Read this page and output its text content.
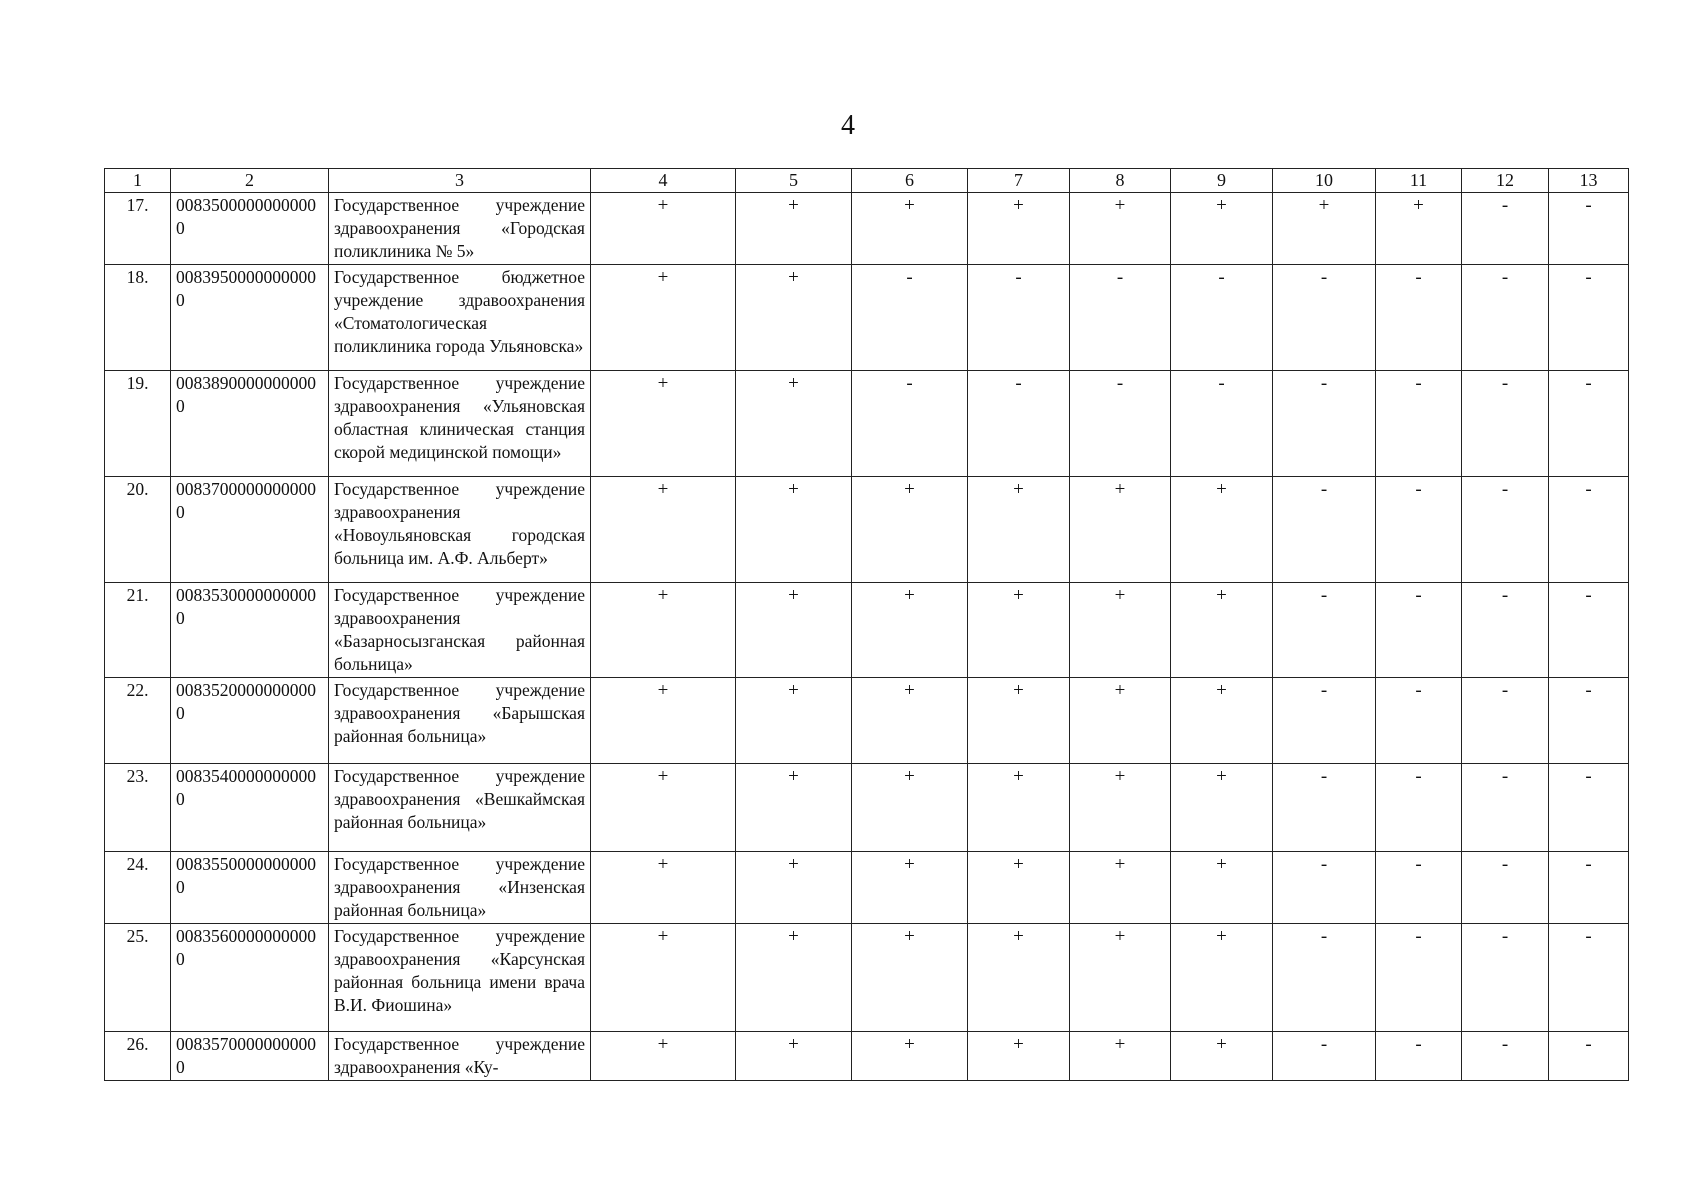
4
1	2	3	4	5	6	7	8	9	10	11	12	13
17.	00835000000000000	Государственное учреждение здравоохранения «Городская поликлиника № 5»	+	+	+	+	+	+	+	+	-	-
18.	00839500000000000	Государственное бюджетное учреждение здравоохранения «Стоматологическая поликлиника города Ульяновска»	+	+	-	-	-	-	-	-	-	-
19.	00838900000000000	Государственное учреждение здравоохранения «Ульяновская областная клиническая станция скорой медицинской помощи»	+	+	-	-	-	-	-	-	-	-
20.	00837000000000000	Государственное учреждение здравоохранения «Новоульяновская городская больница им. А.Ф. Альберт»	+	+	+	+	+	+	-	-	-	-
21.	00835300000000000	Государственное учреждение здравоохранения «Базарносызганская районная больница»	+	+	+	+	+	+	-	-	-	-
22.	00835200000000000	Государственное учреждение здравоохранения «Барышская районная больница»	+	+	+	+	+	+	-	-	-	-
23.	00835400000000000	Государственное учреждение здравоохранения «Вешкаймская районная больница»	+	+	+	+	+	+	-	-	-	-
24.	00835500000000000	Государственное учреждение здравоохранения «Инзенская районная больница»	+	+	+	+	+	+	-	-	-	-
25.	00835600000000000	Государственное учреждение здравоохранения «Карсунская районная больница имени врача В.И. Фиошина»	+	+	+	+	+	+	-	-	-	-
26.	00835700000000000	Государственное учреждение здравоохранения «Ку-	+	+	+	+	+	+	-	-	-	-
